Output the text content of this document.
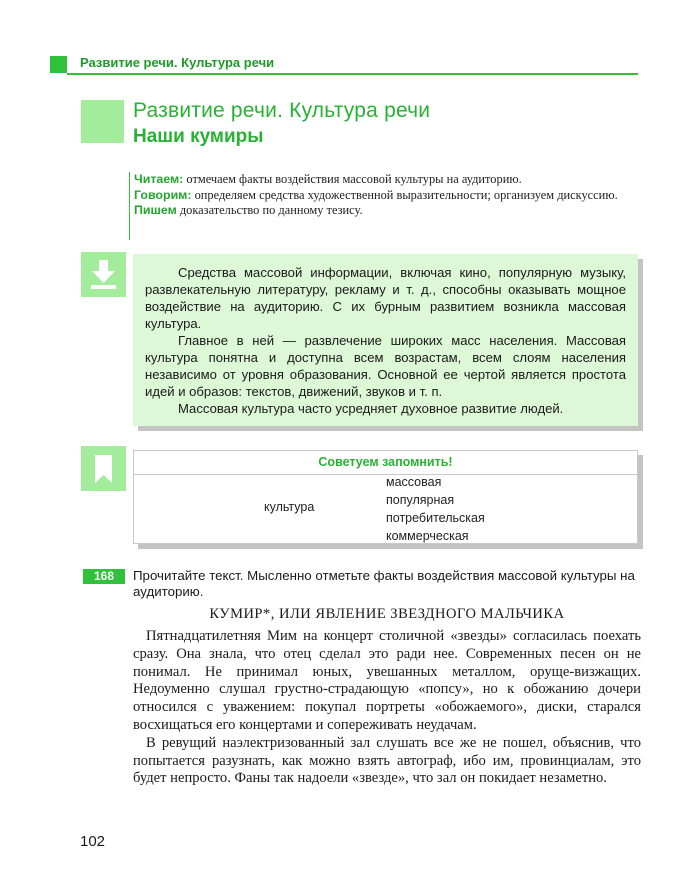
Развитие речи. Культура речи
Развитие речи. Культура речи
Наши кумиры
Читаем: отмечаем факты воздействия массовой культуры на аудиторию.
Говорим: определяем средства художественной выразительности; организуем дискуссию.
Пишем доказательство по данному тезису.

Средства массовой информации, включая кино, популярную музыку, развлекательную литературу, рекламу и т. д., способны оказывать мощное воздействие на аудиторию. С их бурным развитием возникла массовая культура.

Главное в ней — развлечение широких масс населения. Массовая культура понятна и доступна всем возрастам, всем слоям населения независимо от уровня образования. Основной ее чертой является простота идей и образов: текстов, движений, звуков и т. п.

Массовая культура часто усредняет духовное развитие людей.

Советуем запомнить!
культура
массовая
популярная
потребительская
коммерческая
168	Прочитайте текст. Мысленно отметьте факты воздействия массовой культуры на аудиторию.
КУМИР*, ИЛИ ЯВЛЕНИЕ ЗВЕЗДНОГО МАЛЬЧИКА

Пятнадцатилетняя Мим на концерт столичной «звезды» согласилась поехать сразу. Она знала, что отец сделал это ради нее. Современных песен он не понимал. Не принимал юных, увешанных металлом, оруще-визжащих. Недоуменно слушал грустно-страдающую «попсу», но к обожанию дочери относился с уважением: покупал портреты «обожаемого», диски, старался восхищаться его концертами и сопереживать неудачам.

В ревущий наэлектризованный зал слушать все же не пошел, объяснив, что попытается разузнать, как можно взять автограф, ибо им, провинциалам, это будет непросто. Фаны так надоели «звезде», что зал он покидает незаметно.

102
